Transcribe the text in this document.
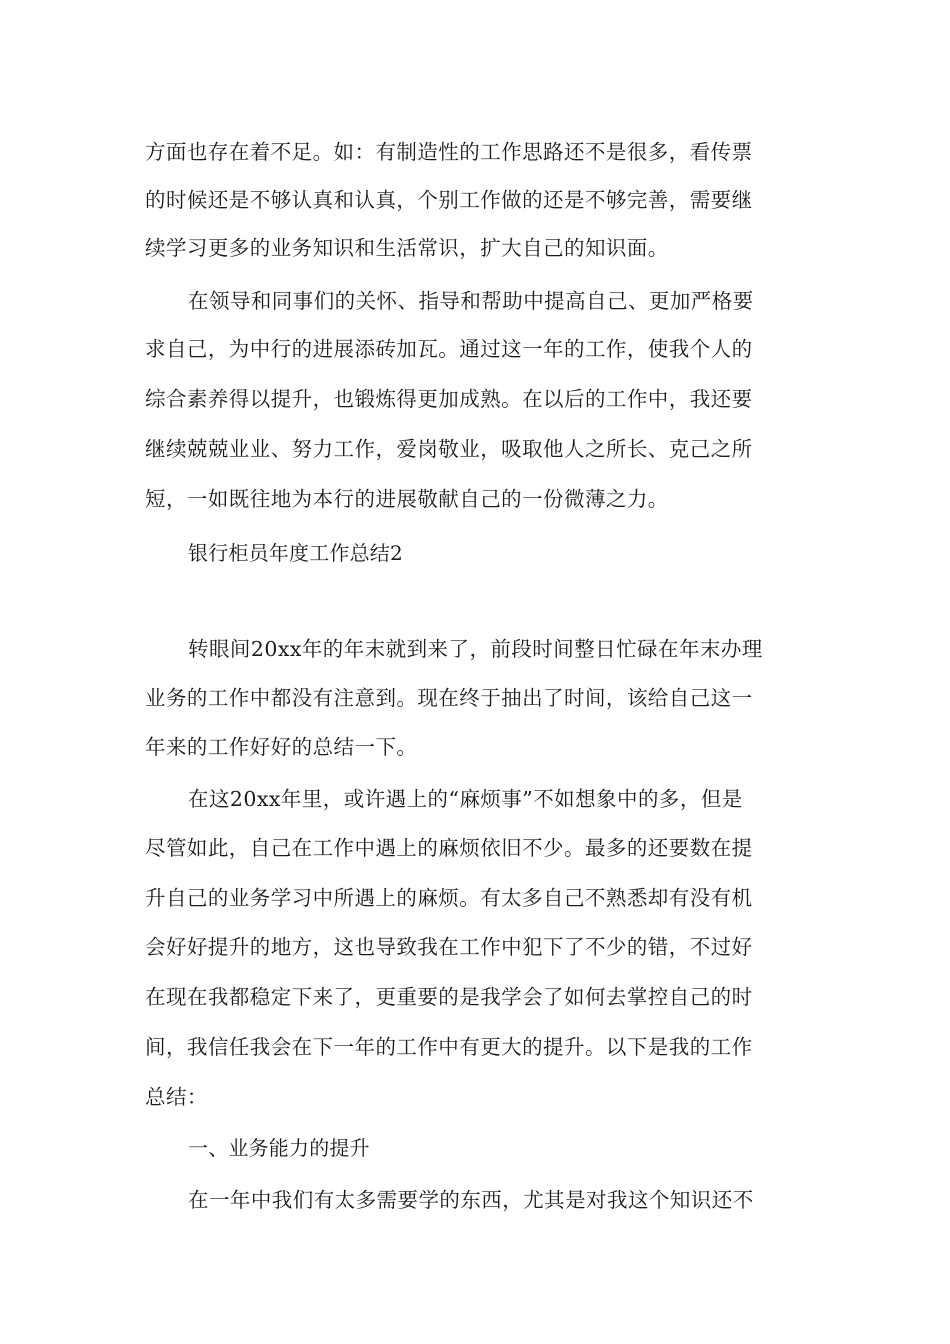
方面也存在着不足。如：有制造性的工作思路还不是很多，看传票
的时候还是不够认真和认真，个别工作做的还是不够完善，需要继
续学习更多的业务知识和生活常识，扩大自己的知识面。
在领导和同事们的关怀、指导和帮助中提高自己、更加严格要
求自己，为中行的进展添砖加瓦。通过这一年的工作，使我个人的
综合素养得以提升，也锻炼得更加成熟。在以后的工作中，我还要
继续兢兢业业、努力工作，爱岗敬业，吸取他人之所长、克己之所
短，一如既往地为本行的进展敬献自己的一份微薄之力。
银行柜员年度工作总结2
转眼间20xx年的年末就到来了，前段时间整日忙碌在年末办理
业务的工作中都没有注意到。现在终于抽出了时间，该给自己这一
年来的工作好好的总结一下。
在这20xx年里，或许遇上的“麻烦事”不如想象中的多，但是
尽管如此，自己在工作中遇上的麻烦依旧不少。最多的还要数在提
升自己的业务学习中所遇上的麻烦。有太多自己不熟悉却有没有机
会好好提升的地方，这也导致我在工作中犯下了不少的错，不过好
在现在我都稳定下来了，更重要的是我学会了如何去掌控自己的时
间，我信任我会在下一年的工作中有更大的提升。以下是我的工作
总结：
一、业务能力的提升
在一年中我们有太多需要学的东西，尤其是对我这个知识还不
